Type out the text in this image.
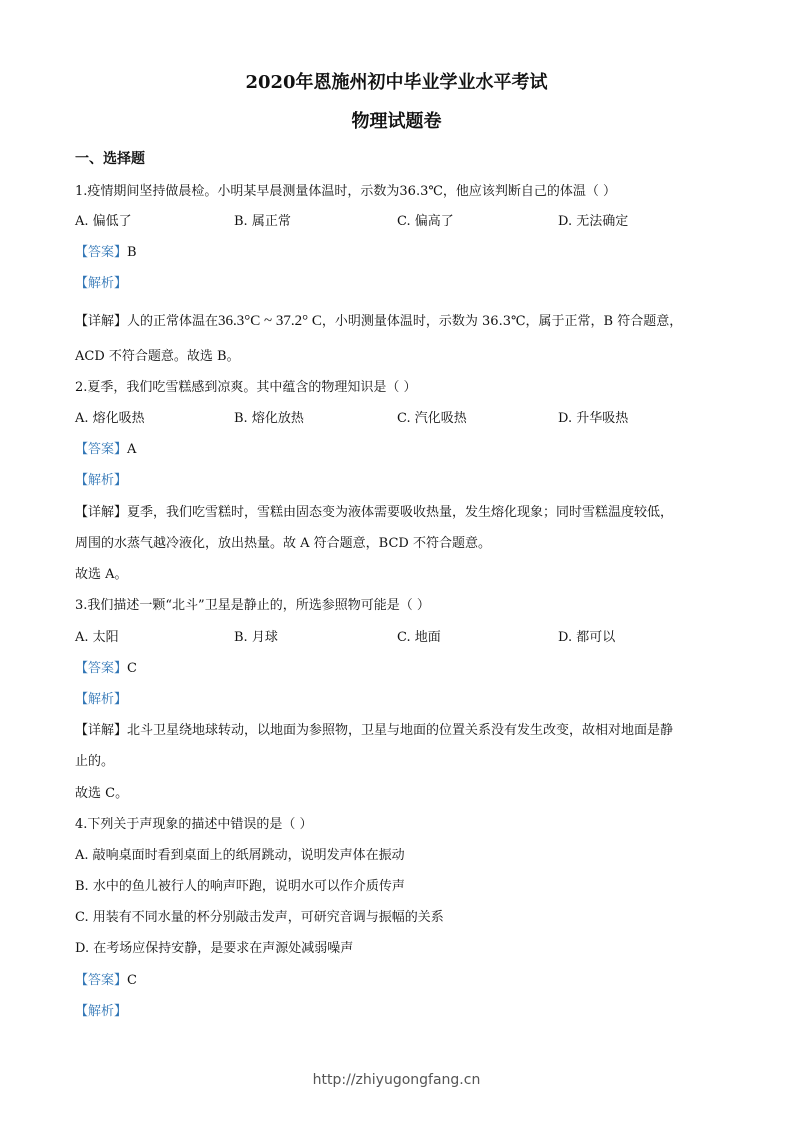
2020年恩施州初中毕业学业水平考试
物理试题卷
一、选择题
1.疫情期间坚持做晨检。小明某早晨测量体温时，示数为36.3℃，他应该判断自己的体温（ ）
A. 偏低了	B. 属正常	C. 偏高了	D. 无法确定
【答案】B
【解析】
【详解】人的正常体温在36.3°C ~ 37.2° C，小明测量体温时，示数为 36.3℃，属于正常，B 符合题意，
ACD 不符合题意。故选 B。
2.夏季，我们吃雪糕感到凉爽。其中蕴含的物理知识是（ ）
A. 熔化吸热	B. 熔化放热	C. 汽化吸热	D. 升华吸热
【答案】A
【解析】
【详解】夏季，我们吃雪糕时，雪糕由固态变为液体需要吸收热量，发生熔化现象；同时雪糕温度较低，
周围的水蒸气越冷液化，放出热量。故 A 符合题意，BCD 不符合题意。
故选 A。
3.我们描述一颗“北斗”卫星是静止的，所选参照物可能是（ ）
A. 太阳	B. 月球	C. 地面	D. 都可以
【答案】C
【解析】
【详解】北斗卫星绕地球转动，以地面为参照物，卫星与地面的位置关系没有发生改变，故相对地面是静
止的。
故选 C。
4.下列关于声现象的描述中错误的是（ ）
A. 敲响桌面时看到桌面上的纸屑跳动，说明发声体在振动
B. 水中的鱼儿被行人的响声吓跑，说明水可以作介质传声
C. 用装有不同水量的杯分别敲击发声，可研究音调与振幅的关系
D. 在考场应保持安静，是要求在声源处减弱噪声
【答案】C
【解析】
http://zhiyugongfang.cn
